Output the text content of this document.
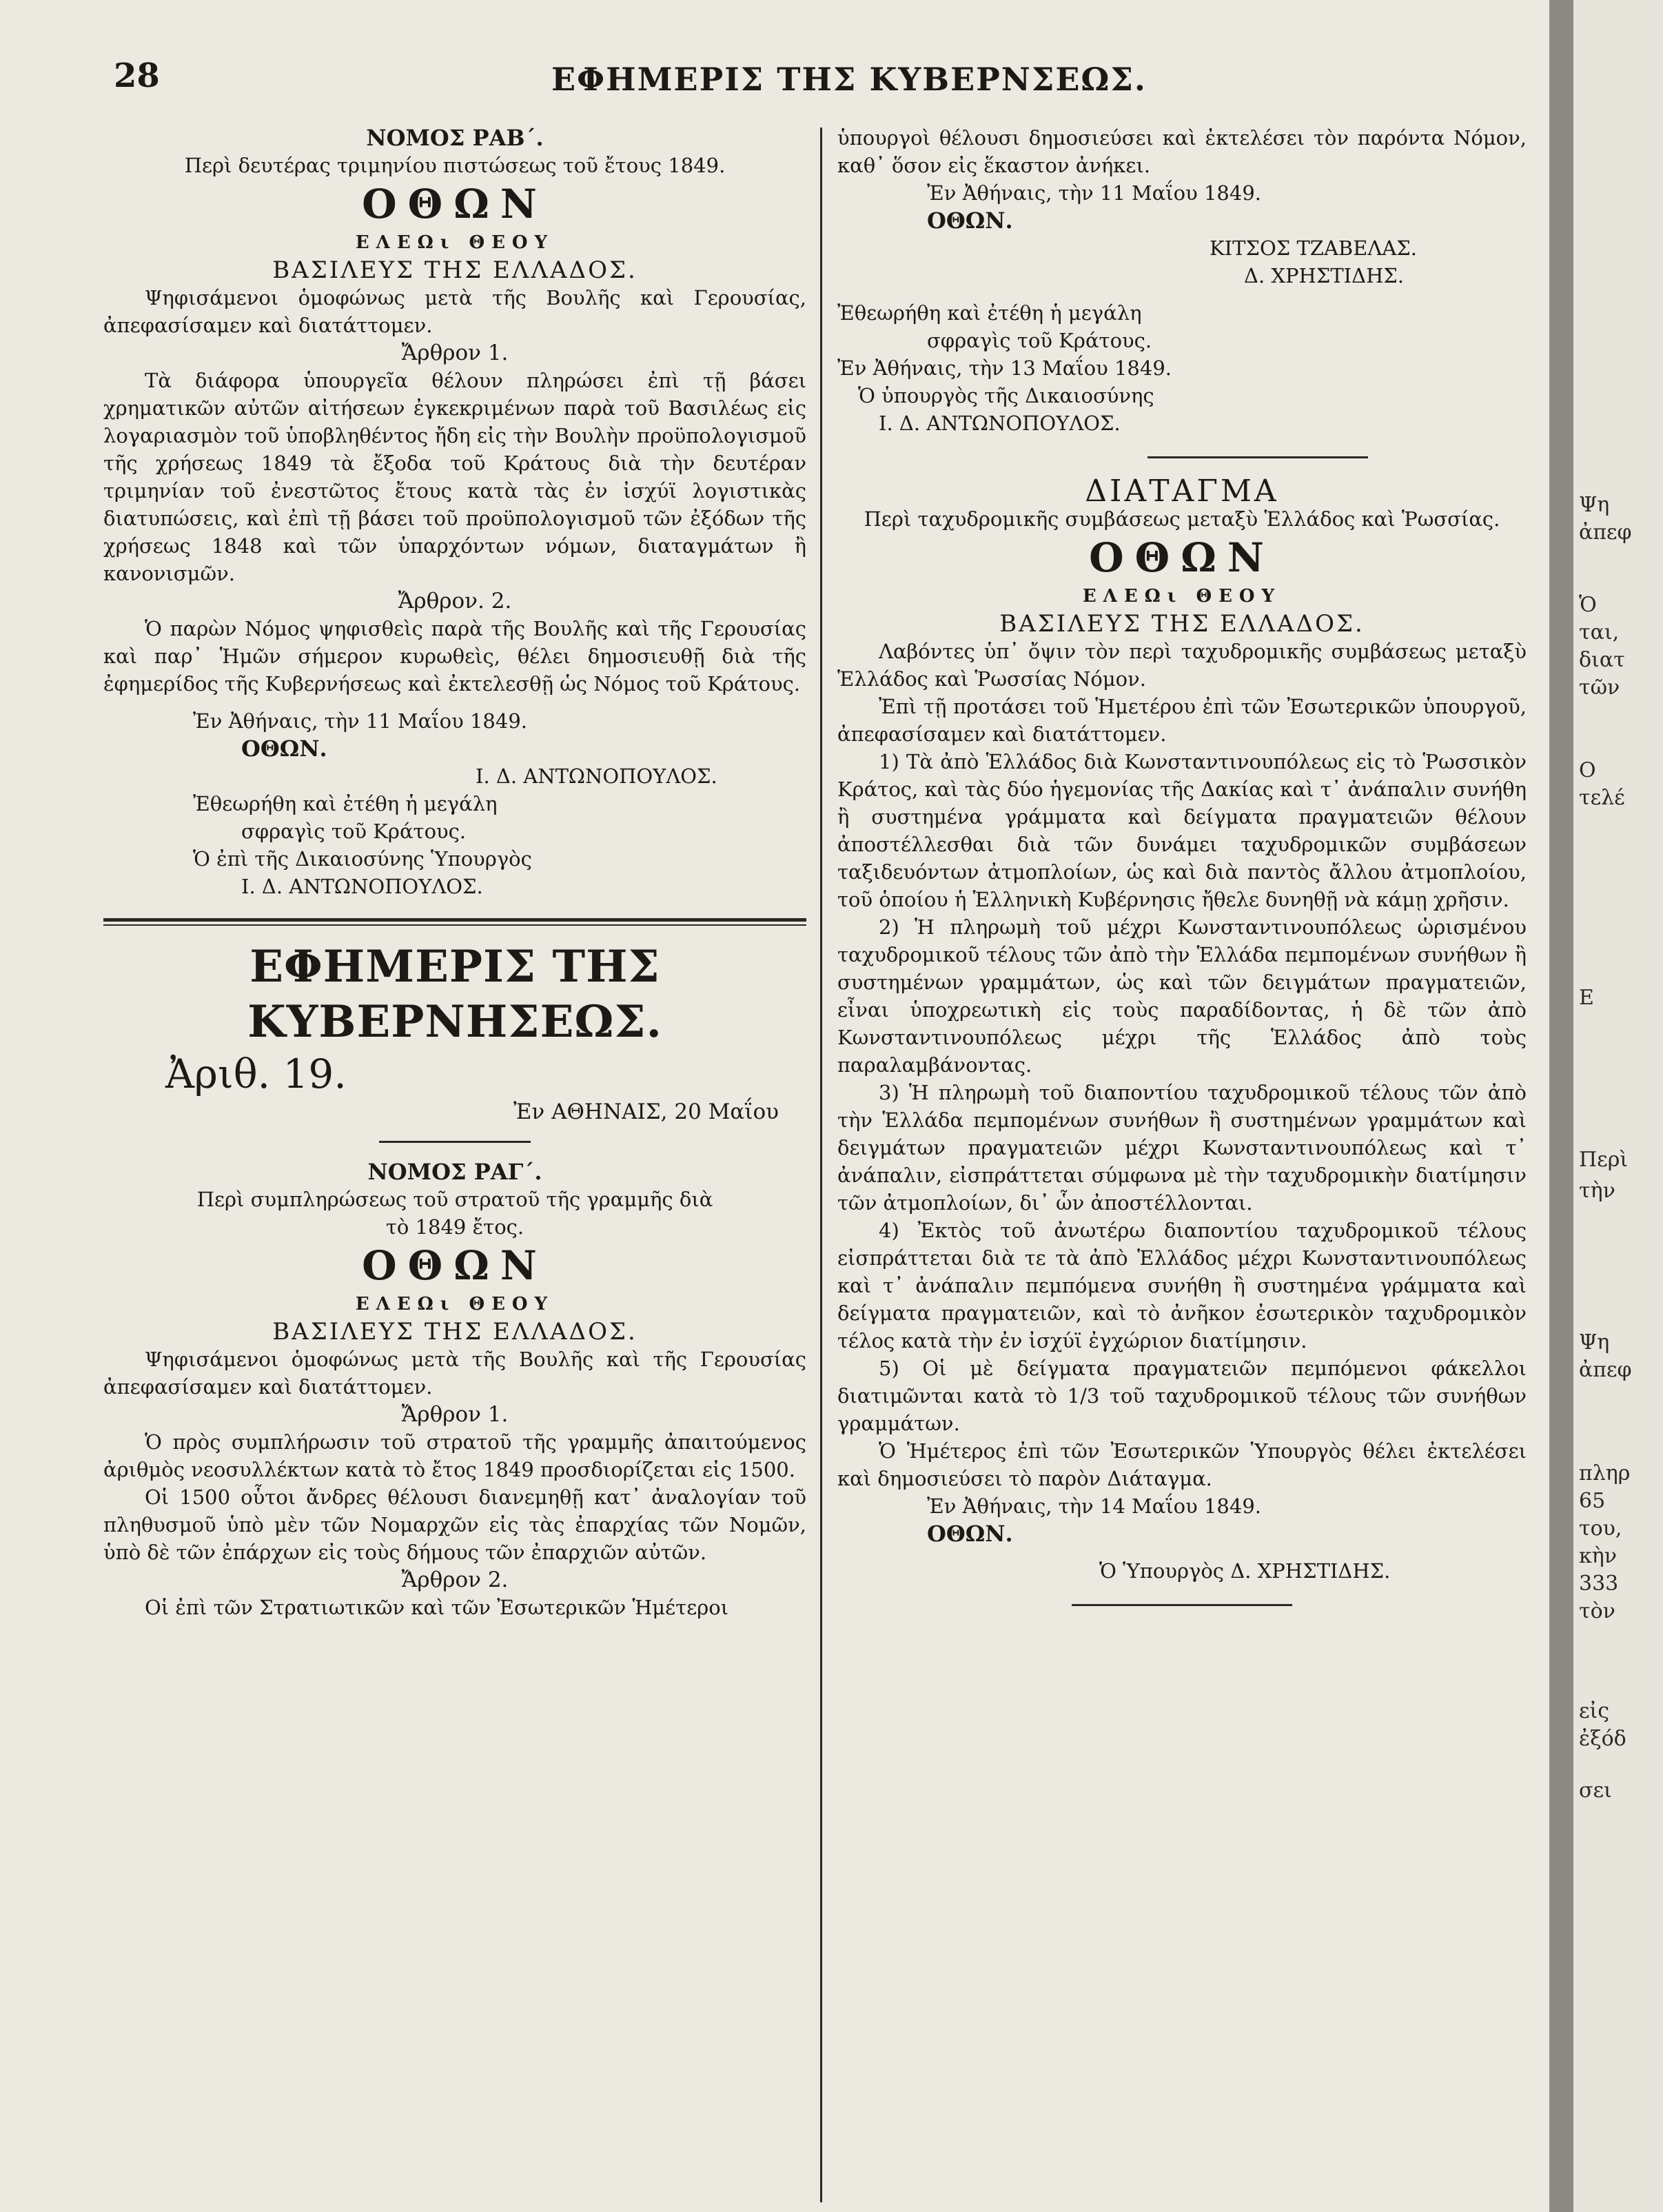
28	ΕΦΗΜΕΡΙΣ ΤΗΣ ΚΥΒΕΡΝΣΕΩΣ.
ΝΟΜΟΣ ΡΑΒ΄.
Περὶ δευτέρας τριμηνίου πιστώσεως τοῦ ἔτους 1849.
ΟΘΩΝ
ΕΛΕΩι ΘΕΟΥ
ΒΑΣΙΛΕΥΣ ΤΗΣ ΕΛΛΑΔΟΣ.
Ψηφισάμενοι ὁμοφώνως μετὰ τῆς Βουλῆς καὶ Γερουσίας, ἀπεφασίσαμεν καὶ διατάττομεν.
Ἄρθρον 1.
Τὰ διάφορα ὑπουργεῖα θέλουν πληρώσει ἐπὶ τῇ βάσει χρηματικῶν αὐτῶν αἰτήσεων ἐγκεκριμένων παρὰ τοῦ Βασιλέως εἰς λογαριασμὸν τοῦ ὑποβληθέντος ἤδη εἰς τὴν Βουλὴν προϋπολογισμοῦ τῆς χρήσεως 1849 τὰ ἔξοδα τοῦ Κράτους διὰ τὴν δευτέραν τριμηνίαν τοῦ ἐνεστῶτος ἔτους κατὰ τὰς ἐν ἰσχύϊ λογιστικὰς διατυπώσεις, καὶ ἐπὶ τῇ βάσει τοῦ προϋπολογισμοῦ τῶν ἐξόδων τῆς χρήσεως 1848 καὶ τῶν ὑπαρχόντων νόμων, διαταγμάτων ἢ κανονισμῶν.
Ἄρθρον. 2.
Ὁ παρὼν Νόμος ψηφισθεὶς παρὰ τῆς Βουλῆς καὶ τῆς Γερουσίας καὶ παρ᾽ Ἡμῶν σήμερον κυρωθεὶς, θέλει δημοσιευθῇ διὰ τῆς ἐφημερίδος τῆς Κυβερνήσεως καὶ ἐκτελεσθῇ ὡς Νόμος τοῦ Κράτους.
Ἐν Ἀθήναις, τὴν 11 Μαΐου 1849.
ΟΘΩΝ.
Ι. Δ. ΑΝΤΩΝΟΠΟΥΛΟΣ.
Ἐθεωρήθη καὶ ἐτέθη ἡ μεγάλη
σφραγὶς τοῦ Κράτους.
Ὁ ἐπὶ τῆς Δικαιοσύνης Ὑπουργὸς
Ι. Δ. ΑΝΤΩΝΟΠΟΥΛΟΣ.
ΕΦΗΜΕΡΙΣ ΤΗΣ ΚΥΒΕΡΝΗΣΕΩΣ.
Ἀριθ. 19.
Ἐν ΑΘΗΝΑΙΣ, 20 Μαΐου
ΝΟΜΟΣ ΡΑΓ΄.
Περὶ συμπληρώσεως τοῦ στρατοῦ τῆς γραμμῆς διὰ τὸ 1849 ἔτος.
ΟΘΩΝ
ΕΛΕΩι ΘΕΟΥ
ΒΑΣΙΛΕΥΣ ΤΗΣ ΕΛΛΑΔΟΣ.
Ψηφισάμενοι ὁμοφώνως μετὰ τῆς Βουλῆς καὶ τῆς Γερουσίας ἀπεφασίσαμεν καὶ διατάττομεν.
Ἄρθρον 1.
Ὁ πρὸς συμπλήρωσιν τοῦ στρατοῦ τῆς γραμμῆς ἀπαιτούμενος ἀριθμὸς νεοσυλλέκτων κατὰ τὸ ἔτος 1849 προσδιορίζεται εἰς 1500.
Οἱ 1500 οὗτοι ἄνδρες θέλουσι διανεμηθῇ κατ᾽ ἀναλογίαν τοῦ πληθυσμοῦ ὑπὸ μὲν τῶν Νομαρχῶν εἰς τὰς ἐπαρχίας τῶν Νομῶν, ὑπὸ δὲ τῶν ἐπάρχων εἰς τοὺς δήμους τῶν ἐπαρχιῶν αὐτῶν.
Ἄρθρον 2.
Οἱ ἐπὶ τῶν Στρατιωτικῶν καὶ τῶν Ἐσωτερικῶν Ἡμέτεροι
ὑπουργοὶ θέλουσι δημοσιεύσει καὶ ἐκτελέσει τὸν παρόντα Νόμον, καθ᾽ ὅσον εἰς ἕκαστον ἀνήκει.
Ἐν Ἀθήναις, τὴν 11 Μαΐου 1849.
ΟΘΩΝ.
ΚΙΤΣΟΣ ΤΖΑΒΕΛΑΣ.
Δ. ΧΡΗΣΤΙΔΗΣ.
Ἐθεωρήθη καὶ ἐτέθη ἡ μεγάλη
σφραγὶς τοῦ Κράτους.
Ἐν Ἀθήναις, τὴν 13 Μαΐου 1849.
Ὁ ὑπουργὸς τῆς Δικαιοσύνης
Ι. Δ. ΑΝΤΩΝΟΠΟΥΛΟΣ.
ΔΙΑΤΑΓΜΑ
Περὶ ταχυδρομικῆς συμβάσεως μεταξὺ Ἑλλάδος καὶ Ῥωσσίας.
ΟΘΩΝ
ΕΛΕΩι ΘΕΟΥ
ΒΑΣΙΛΕΥΣ ΤΗΣ ΕΛΛΑΔΟΣ.
Λαβόντες ὑπ᾽ ὄψιν τὸν περὶ ταχυδρομικῆς συμβάσεως μεταξὺ Ἑλλάδος καὶ Ῥωσσίας Νόμον.
Ἐπὶ τῇ προτάσει τοῦ Ἡμετέρου ἐπὶ τῶν Ἐσωτερικῶν ὑπουργοῦ, ἀπεφασίσαμεν καὶ διατάττομεν.
1) Τὰ ἀπὸ Ἑλλάδος διὰ Κωνσταντινουπόλεως εἰς τὸ Ῥωσσικὸν Κράτος, καὶ τὰς δύο ἡγεμονίας τῆς Δακίας καὶ τ᾽ ἀνάπαλιν συνήθη ἢ συστημένα γράμματα καὶ δείγματα πραγματειῶν θέλουν ἀποστέλλεσθαι διὰ τῶν δυνάμει ταχυδρομικῶν συμβάσεων ταξιδευόντων ἀτμοπλοίων, ὡς καὶ διὰ παντὸς ἄλλου ἀτμοπλοίου, τοῦ ὁποίου ἡ Ἑλληνικὴ Κυβέρνησις ἤθελε δυνηθῇ νὰ κάμῃ χρῆσιν.
2) Ἡ πληρωμὴ τοῦ μέχρι Κωνσταντινουπόλεως ὡρισμένου ταχυδρομικοῦ τέλους τῶν ἀπὸ τὴν Ἑλλάδα πεμπομένων συνήθων ἢ συστημένων γραμμάτων, ὡς καὶ τῶν δειγμάτων πραγματειῶν, εἶναι ὑποχρεωτικὴ εἰς τοὺς παραδίδοντας, ἡ δὲ τῶν ἀπὸ Κωνσταντινουπόλεως μέχρι τῆς Ἑλλάδος ἀπὸ τοὺς παραλαμβάνοντας.
3) Ἡ πληρωμὴ τοῦ διαποντίου ταχυδρομικοῦ τέλους τῶν ἀπὸ τὴν Ἑλλάδα πεμπομένων συνήθων ἢ συστημένων γραμμάτων καὶ δειγμάτων πραγματειῶν μέχρι Κωνσταντινουπόλεως καὶ τ᾽ ἀνάπαλιν, εἰσπράττεται σύμφωνα μὲ τὴν ταχυδρομικὴν διατίμησιν τῶν ἀτμοπλοίων, δι᾽ ὧν ἀποστέλλονται.
4) Ἐκτὸς τοῦ ἀνωτέρω διαποντίου ταχυδρομικοῦ τέλους εἰσπράττεται διὰ τε τὰ ἀπὸ Ἑλλάδος μέχρι Κωνσταντινουπόλεως καὶ τ᾽ ἀνάπαλιν πεμπόμενα συνήθη ἢ συστημένα γράμματα καὶ δείγματα πραγματειῶν, καὶ τὸ ἀνῆκον ἐσωτερικὸν ταχυδρομικὸν τέλος κατὰ τὴν ἐν ἰσχύϊ ἐγχώριον διατίμησιν.
5) Οἱ μὲ δείγματα πραγματειῶν πεμπόμενοι φάκελλοι διατιμῶνται κατὰ τὸ 1/3 τοῦ ταχυδρομικοῦ τέλους τῶν συνήθων γραμμάτων.
Ὁ Ἡμέτερος ἐπὶ τῶν Ἐσωτερικῶν Ὑπουργὸς θέλει ἐκτελέσει καὶ δημοσιεύσει τὸ παρὸν Διάταγμα.
Ἐν Ἀθήναις, τὴν 14 Μαΐου 1849.
ΟΘΩΝ.
Ὁ Ὑπουργὸς Δ. ΧΡΗΣΤΙΔΗΣ.
Ψη
ἀπεφ
Ὁ
ται,
διατ
τῶν
Ο
τελέ
Ε
Περὶ
τὴν
Ψη
ἀπεφ
πληρ
65
του,
κὴν
333
τὸν
εἰς
ἐξόδ
σει
